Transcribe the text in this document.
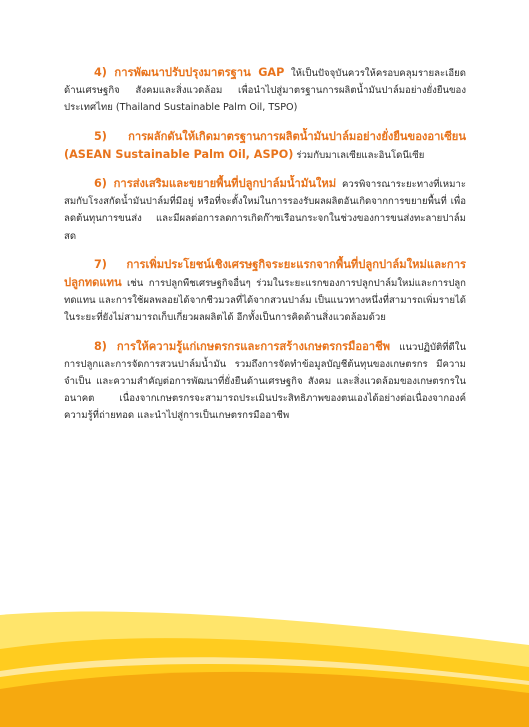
4) การพัฒนาปรับปรุงมาตรฐาน GAP ให้เป็นปัจจุบันควรให้ครอบคลุมรายละเอียดด้านเศรษฐกิจ สังคมและสิ่งแวดล้อม เพื่อนำไปสู่มาตรฐานการผลิตน้ำมันปาล์มอย่างยั่งยืนของประเทศไทย (Thailand Sustainable Palm Oil, TSPO)

5) การผลักดันให้เกิดมาตรฐานการผลิตน้ำมันปาล์มอย่างยั่งยืนของอาเซียน (ASEAN Sustainable Palm Oil, ASPO) ร่วมกับมาเลเซียและอินโดนีเซีย

6) การส่งเสริมและขยายพื้นที่ปลูกปาล์มน้ำมันใหม่ ควรพิจารณาระยะทางที่เหมาะสมกับโรงสกัดน้ำมันปาล์มที่มีอยู่ หรือที่จะตั้งใหม่ในการรองรับผลผลิตอันเกิดจากการขยายพื้นที่ เพื่อลดต้นทุนการขนส่ง และมีผลต่อการลดการเกิดก๊าซเรือนกระจกในช่วงของการขนส่งทะลายปาล์มสด

7) การเพิ่มประโยชน์เชิงเศรษฐกิจระยะแรกจากพื้นที่ปลูกปาล์มใหม่และการปลูกทดแทน เช่น การปลูกพืชเศรษฐกิจอื่นๆ ร่วมในระยะแรกของการปลูกปาล์มใหม่และการปลูกทดแทน และการใช้ผลพลอยได้จากชีวมวลที่ได้จากสวนปาล์ม เป็นแนวทางหนึ่งที่สามารถเพิ่มรายได้ในระยะที่ยังไม่สามารถเก็บเกี่ยวผลผลิตได้ อีกทั้งเป็นการคิดด้านสิ่งแวดล้อมด้วย

8) การให้ความรู้แก่เกษตรกรและการสร้างเกษตรกรมืออาชีพ แนวปฏิบัติที่ดีในการปลูกและการจัดการสวนปาล์มน้ำมัน รวมถึงการจัดทำข้อมูลบัญชีต้นทุนของเกษตรกร มีความจำเป็น และความสำคัญต่อการพัฒนาที่ยั่งยืนด้านเศรษฐกิจ สังคม และสิ่งแวดล้อมของเกษตรกรในอนาคต เนื่องจากเกษตรกรจะสามารถประเมินประสิทธิภาพของตนเองได้อย่างต่อเนื่องจากองค์ความรู้ที่ถ่ายทอด และนำไปสู่การเป็นเกษตรกรมืออาชีพ
